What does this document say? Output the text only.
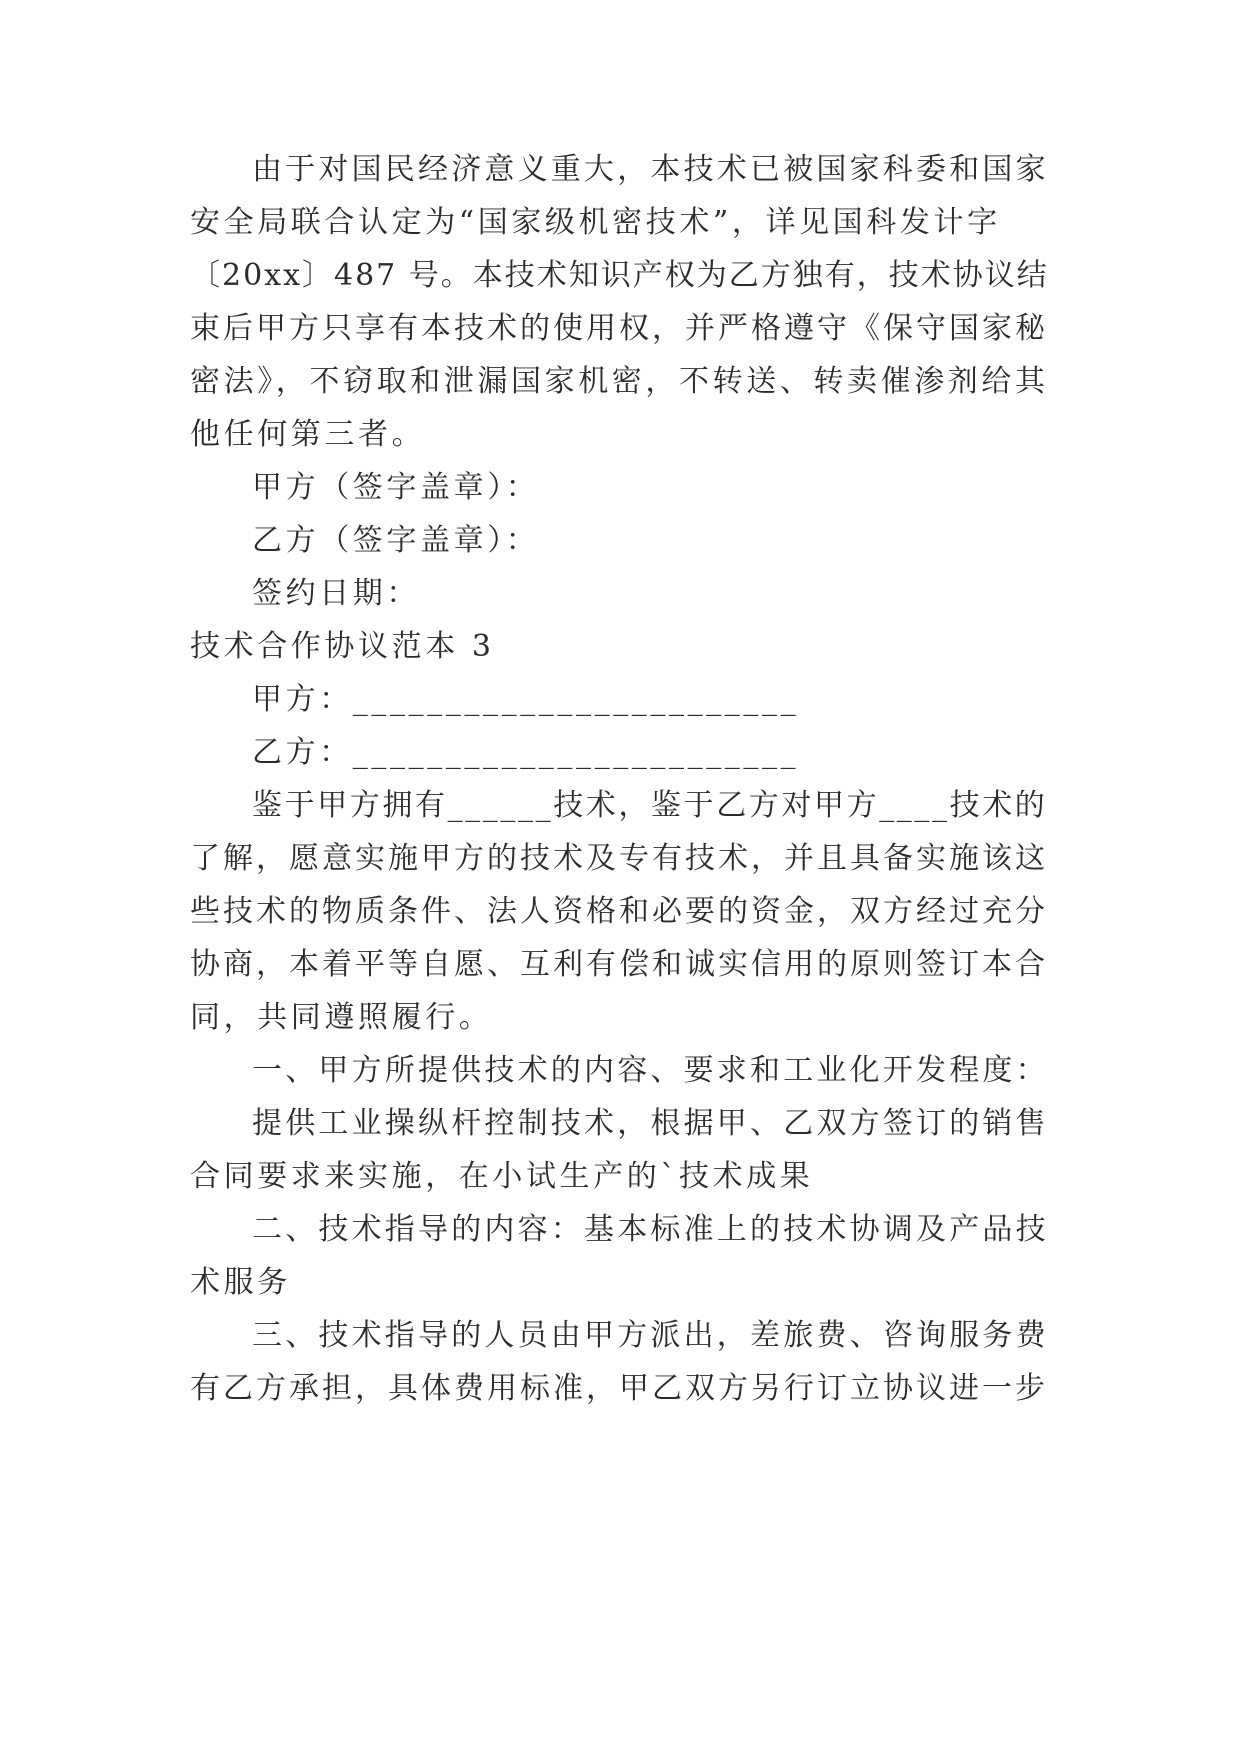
由于对国民经济意义重大，本技术已被国家科委和国家
安全局联合认定为“国家级机密技术”，详见国科发计字
〔20xx〕487 号。本技术知识产权为乙方独有，技术协议结
束后甲方只享有本技术的使用权，并严格遵守《保守国家秘
密法》，不窃取和泄漏国家机密，不转送、转卖催渗剂给其
他任何第三者。
甲方（签字盖章）：
乙方（签字盖章）：
签约日期：
技术合作协议范本 3
甲方：________________________
乙方：________________________
鉴于甲方拥有______技术，鉴于乙方对甲方____技术的
了解，愿意实施甲方的技术及专有技术，并且具备实施该这
些技术的物质条件、法人资格和必要的资金，双方经过充分
协商，本着平等自愿、互利有偿和诚实信用的原则签订本合
同，共同遵照履行。
一、甲方所提供技术的内容、要求和工业化开发程度：
提供工业操纵杆控制技术，根据甲、乙双方签订的销售
合同要求来实施，在小试生产的`技术成果
二、技术指导的内容：基本标准上的技术协调及产品技
术服务
三、技术指导的人员由甲方派出，差旅费、咨询服务费
有乙方承担，具体费用标准，甲乙双方另行订立协议进一步
